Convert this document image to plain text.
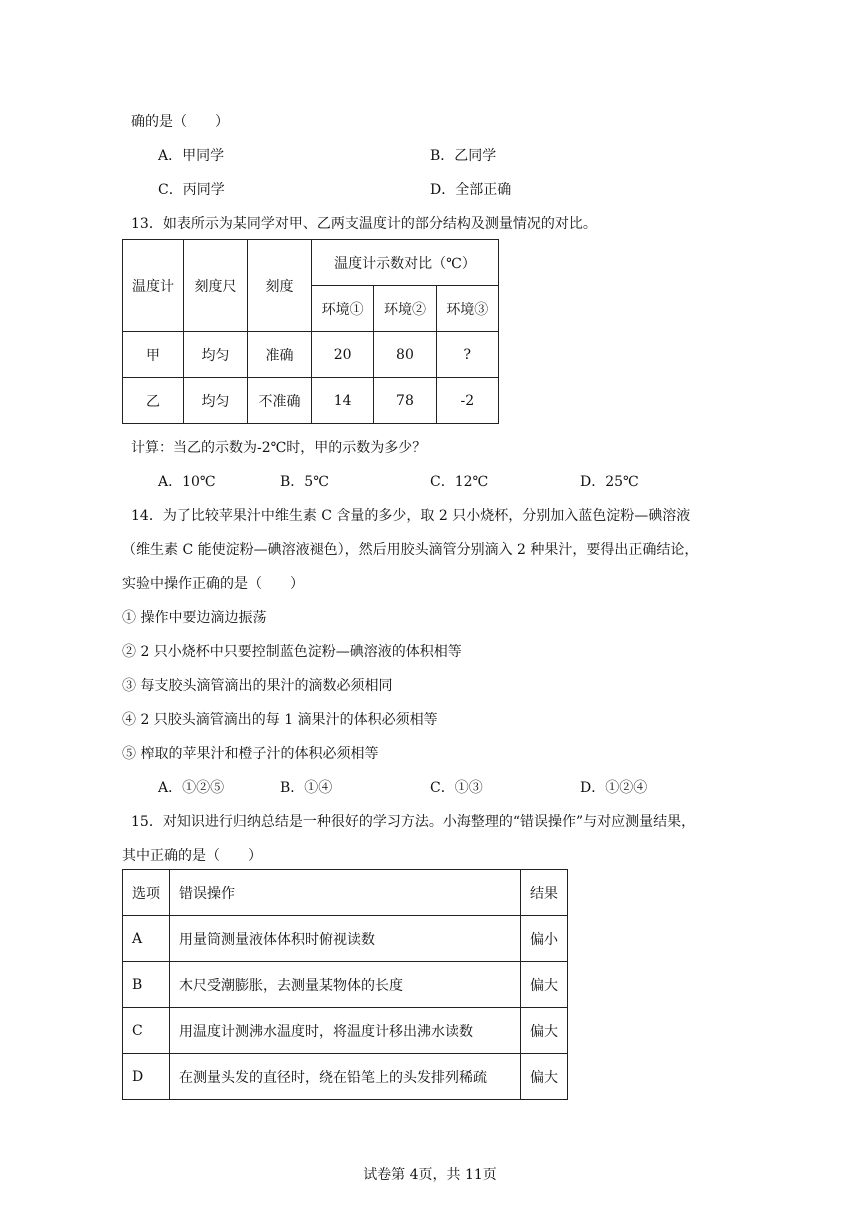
确的是（　　）
A．甲同学	B．乙同学
C．丙同学	D．全部正确
13．如表所示为某同学对甲、乙两支温度计的部分结构及测量情况的对比。
温度计	刻度尺	刻度	温度计示数对比（℃）		
			环境①	环境②	环境③
甲	均匀	准确	20	80	?
乙	均匀	不准确	14	78	-2
计算：当乙的示数为-2℃时，甲的示数为多少？
A．10℃	B．5℃	C．12℃	D．25℃
14．为了比较苹果汁中维生素 C 含量的多少，取 2 只小烧杯，分别加入蓝色淀粉—碘溶液
（维生素 C 能使淀粉—碘溶液褪色），然后用胶头滴管分别滴入 2 种果汁，要得出正确结论，
实验中操作正确的是（　　）
① 操作中要边滴边振荡
② 2 只小烧杯中只要控制蓝色淀粉—碘溶液的体积相等
③ 每支胶头滴管滴出的果汁的滴数必须相同
④ 2 只胶头滴管滴出的每 1 滴果汁的体积必须相等
⑤ 榨取的苹果汁和橙子汁的体积必须相等
A．①②⑤	B．①④	C．①③	D．①②④
15．对知识进行归纳总结是一种很好的学习方法。小海整理的“错误操作”与对应测量结果，
其中正确的是（　　）
选项	错误操作	结果
A	用量筒测量液体体积时俯视读数	偏小
B	木尺受潮膨胀，去测量某物体的长度	偏大
C	用温度计测沸水温度时，将温度计移出沸水读数	偏大
D	在测量头发的直径时，绕在铅笔上的头发排列稀疏	偏大
试卷第 4页，共 11页
